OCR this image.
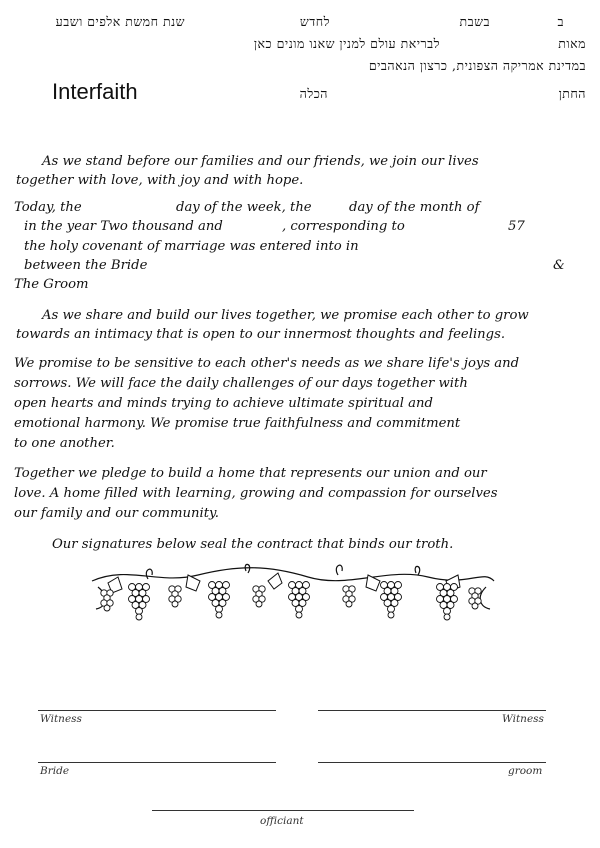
ב
בשבת
לחדש
שנת חמשת אלפים ושבע
מאות
לבריאת עולם למנין שאנו מונים כאן
במדינת אמריקה הצפונית, כרצון הנאהבים
החתן
הכלה
Interfaith
As we stand before our families and our friends, we join our lives
together with love, with joy and with hope.
Today, the	day of the week, the	day of the month of
in the year Two thousand and	, corresponding to	57
the holy covenant of marriage was entered into in
between the Bride	&
The Groom
As we share and build our lives together, we promise each other to grow
towards an intimacy that is open to our innermost thoughts and feelings.
We promise to be sensitive to each other's needs as we share life's joys and
sorrows. We will face the daily challenges of our days together with
open hearts and minds trying to achieve ultimate spiritual and
emotional harmony. We promise true faithfulness and commitment
to one another.
Together we pledge to build a home that represents our union and our
love. A home filled with learning, growing and compassion for ourselves
our family and our community.
Our signatures below seal the contract that binds our troth.
Witness	Witness
Bride	groom
officiant
